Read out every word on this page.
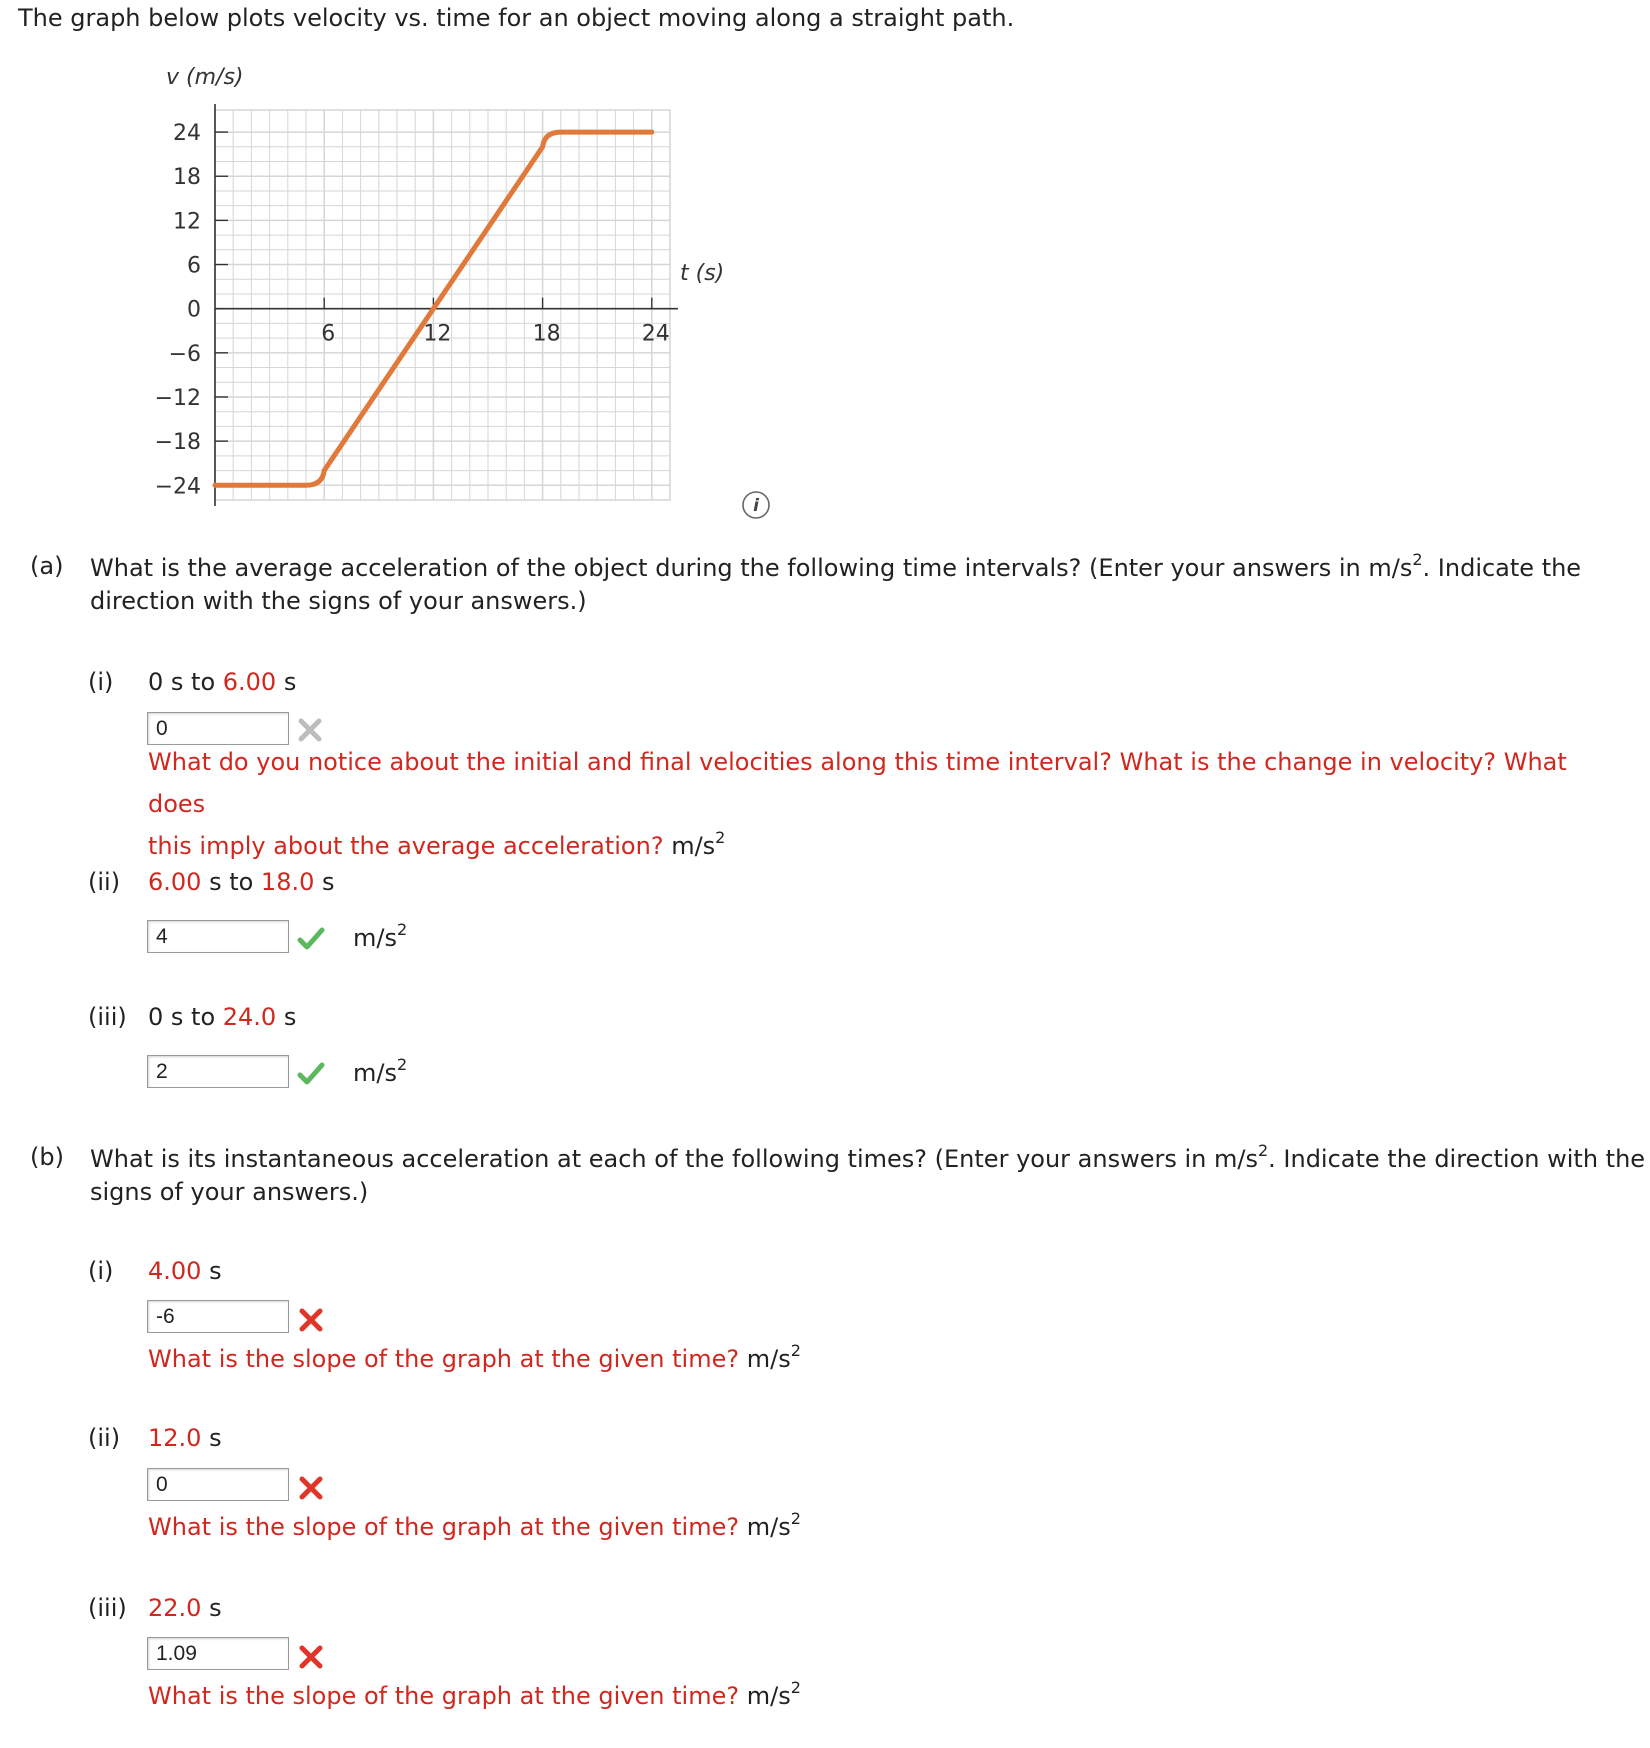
The graph below plots velocity vs. time for an object moving along a straight path.
24
18
12
6
0
−6
−12
−18
−24
6	12	18	24
v (m/s)
t (s)
i
(a) What is the average acceleration of the object during the following time intervals? (Enter your answers in $m/s^2$. Indicate the
direction with the signs of your answers.)
(i) 0 s to 6.00 s
0
What do you notice about the initial and final velocities along this time interval? What is the change in velocity? What does
this imply about the average acceleration? $m/s^2$
(ii) 6.00 s to 18.0 s
4
$m/s^2$
(iii) 0 s to 24.0 s
2
$m/s^2$
(b) What is its instantaneous acceleration at each of the following times? (Enter your answers in $m/s^2$. Indicate the direction with the
signs of your answers.)
(i) 4.00 s
-6
What is the slope of the graph at the given time? $m/s^2$
(ii) 12.0 s
0
What is the slope of the graph at the given time? $m/s^2$
(iii) 22.0 s
1.09
What is the slope of the graph at the given time? $m/s^2$
